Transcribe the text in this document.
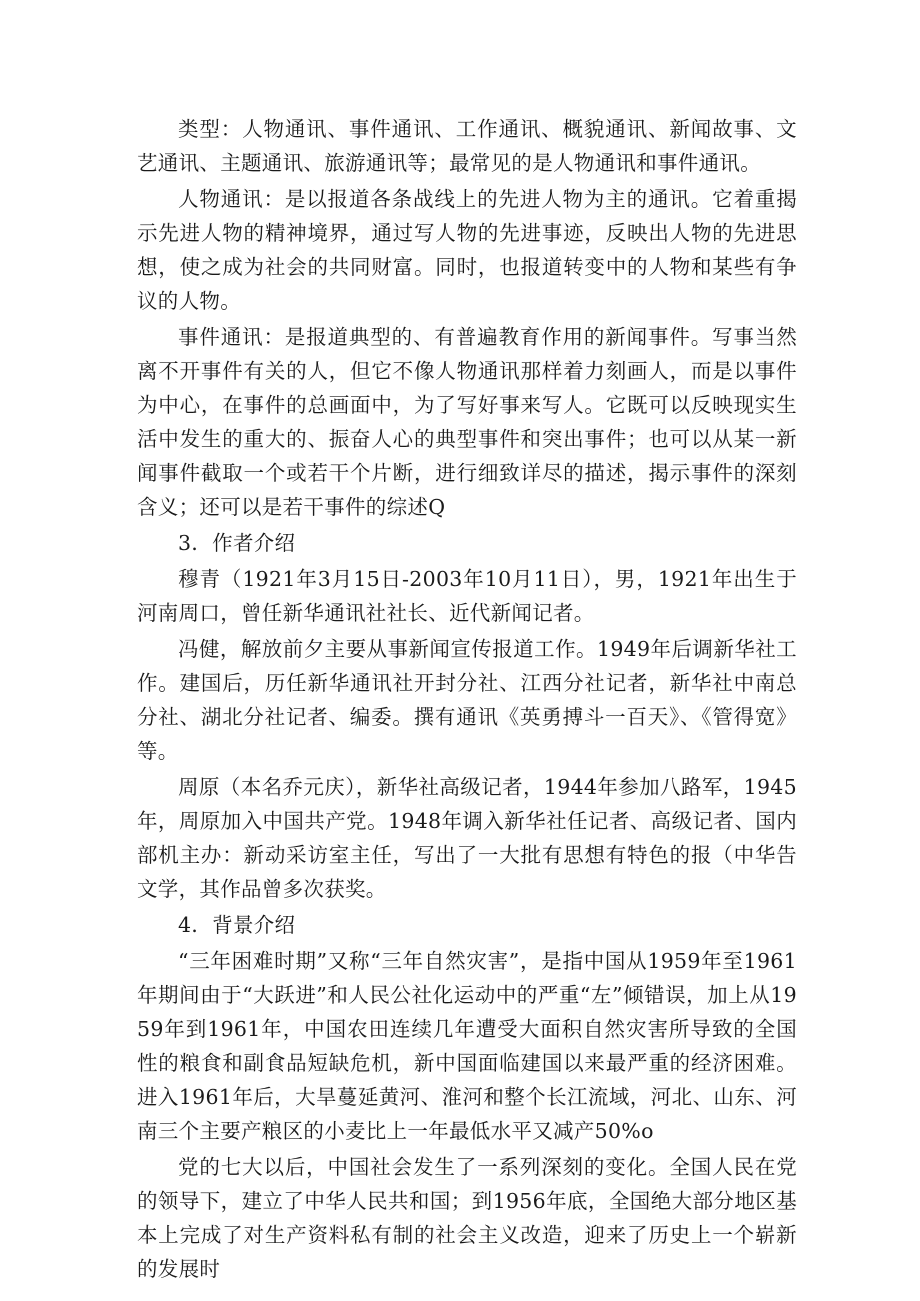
类型：人物通讯、事件通讯、工作通讯、概貌通讯、新闻故事、文艺通讯、主题通讯、旅游通讯等；最常见的是人物通讯和事件通讯。

人物通讯：是以报道各条战线上的先进人物为主的通讯。它着重揭示先进人物的精神境界，通过写人物的先进事迹，反映出人物的先进思想，使之成为社会的共同财富。同时，也报道转变中的人物和某些有争议的人物。

事件通讯：是报道典型的、有普遍教育作用的新闻事件。写事当然离不开事件有关的人，但它不像人物通讯那样着力刻画人，而是以事件为中心，在事件的总画面中，为了写好事来写人。它既可以反映现实生活中发生的重大的、振奋人心的典型事件和突出事件；也可以从某一新闻事件截取一个或若干个片断，进行细致详尽的描述，揭示事件的深刻含义；还可以是若干事件的综述Q

3．作者介绍

穆青（1921年3月15日-2003年10月11日），男，1921年出生于河南周口，曾任新华通讯社社长、近代新闻记者。

冯健，解放前夕主要从事新闻宣传报道工作。1949年后调新华社工作。建国后，历任新华通讯社开封分社、江西分社记者，新华社中南总分社、湖北分社记者、编委。撰有通讯《英勇搏斗一百天》、《管得宽》等。

周原（本名乔元庆），新华社高级记者，1944年参加八路军，1945年，周原加入中国共产党。1948年调入新华社任记者、高级记者、国内部机主办：新动采访室主任，写出了一大批有思想有特色的报（中华告文学，其作品曾多次获奖。

4．背景介绍

“三年困难时期”又称“三年自然灾害”，是指中国从1959年至1961年期间由于“大跃进”和人民公社化运动中的严重“左”倾错误，加上从1959年到1961年，中国农田连续几年遭受大面积自然灾害所导致的全国性的粮食和副食品短缺危机，新中国面临建国以来最严重的经济困难。进入1961年后，大旱蔓延黄河、淮河和整个长江流域，河北、山东、河南三个主要产粮区的小麦比上一年最低水平又减产50%o

党的七大以后，中国社会发生了一系列深刻的变化。全国人民在党的领导下，建立了中华人民共和国；到1956年底，全国绝大部分地区基本上完成了对生产资料私有制的社会主义改造，迎来了历史上一个崭新的发展时
